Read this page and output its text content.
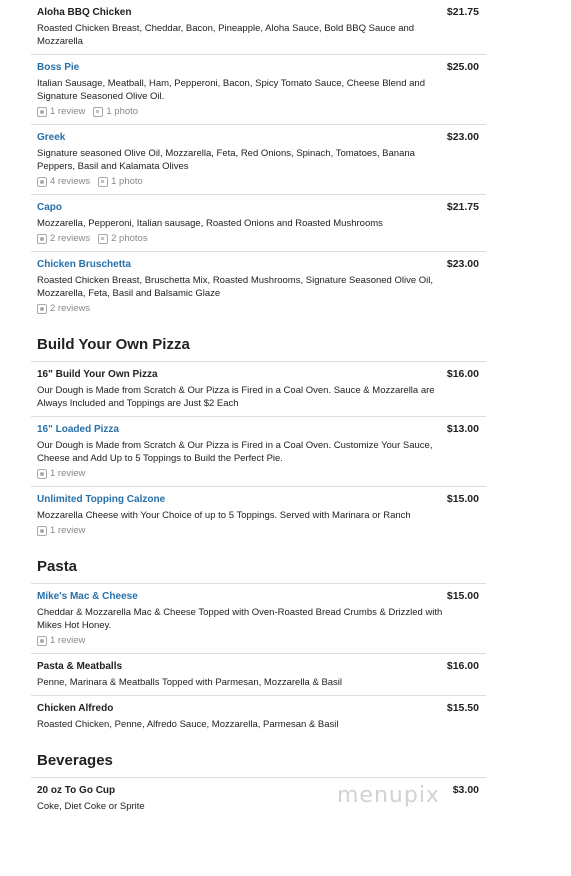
Aloha BBQ Chicken	$21.75
Roasted Chicken Breast, Cheddar, Bacon, Pineapple, Aloha Sauce, Bold BBQ Sauce and Mozzarella
Boss Pie	$25.00
Italian Sausage, Meatball, Ham, Pepperoni, Bacon, Spicy Tomato Sauce, Cheese Blend and Signature Seasoned Olive Oil.
1 review 1 photo
Greek	$23.00
Signature seasoned Olive Oil, Mozzarella, Feta, Red Onions, Spinach, Tomatoes, Banana Peppers, Basil and Kalamata Olives
4 reviews 1 photo
Capo	$21.75
Mozzarella, Pepperoni, Italian sausage, Roasted Onions and Roasted Mushrooms
2 reviews 2 photos
Chicken Bruschetta	$23.00
Roasted Chicken Breast, Bruschetta Mix, Roasted Mushrooms, Signature Seasoned Olive Oil, Mozzarella, Feta, Basil and Balsamic Glaze
2 reviews
Build Your Own Pizza
16" Build Your Own Pizza	$16.00
Our Dough is Made from Scratch & Our Pizza is Fired in a Coal Oven. Sauce & Mozzarella are Always Included and Toppings are Just $2 Each
16" Loaded Pizza	$13.00
Our Dough is Made from Scratch & Our Pizza is Fired in a Coal Oven. Customize Your Sauce, Cheese and Add Up to 5 Toppings to Build the Perfect Pie.
1 review
Unlimited Topping Calzone	$15.00
Mozzarella Cheese with Your Choice of up to 5 Toppings. Served with Marinara or Ranch
1 review
Pasta
Mike's Mac & Cheese	$15.00
Cheddar & Mozzarella Mac & Cheese Topped with Oven-Roasted Bread Crumbs & Drizzled with Mikes Hot Honey.
1 review
Pasta & Meatballs	$16.00
Penne, Marinara & Meatballs Topped with Parmesan, Mozzarella & Basil
Chicken Alfredo	$15.50
Roasted Chicken, Penne, Alfredo Sauce, Mozzarella, Parmesan & Basil
Beverages
20 oz To Go Cup	$3.00
Coke, Diet Coke or Sprite	menupix
